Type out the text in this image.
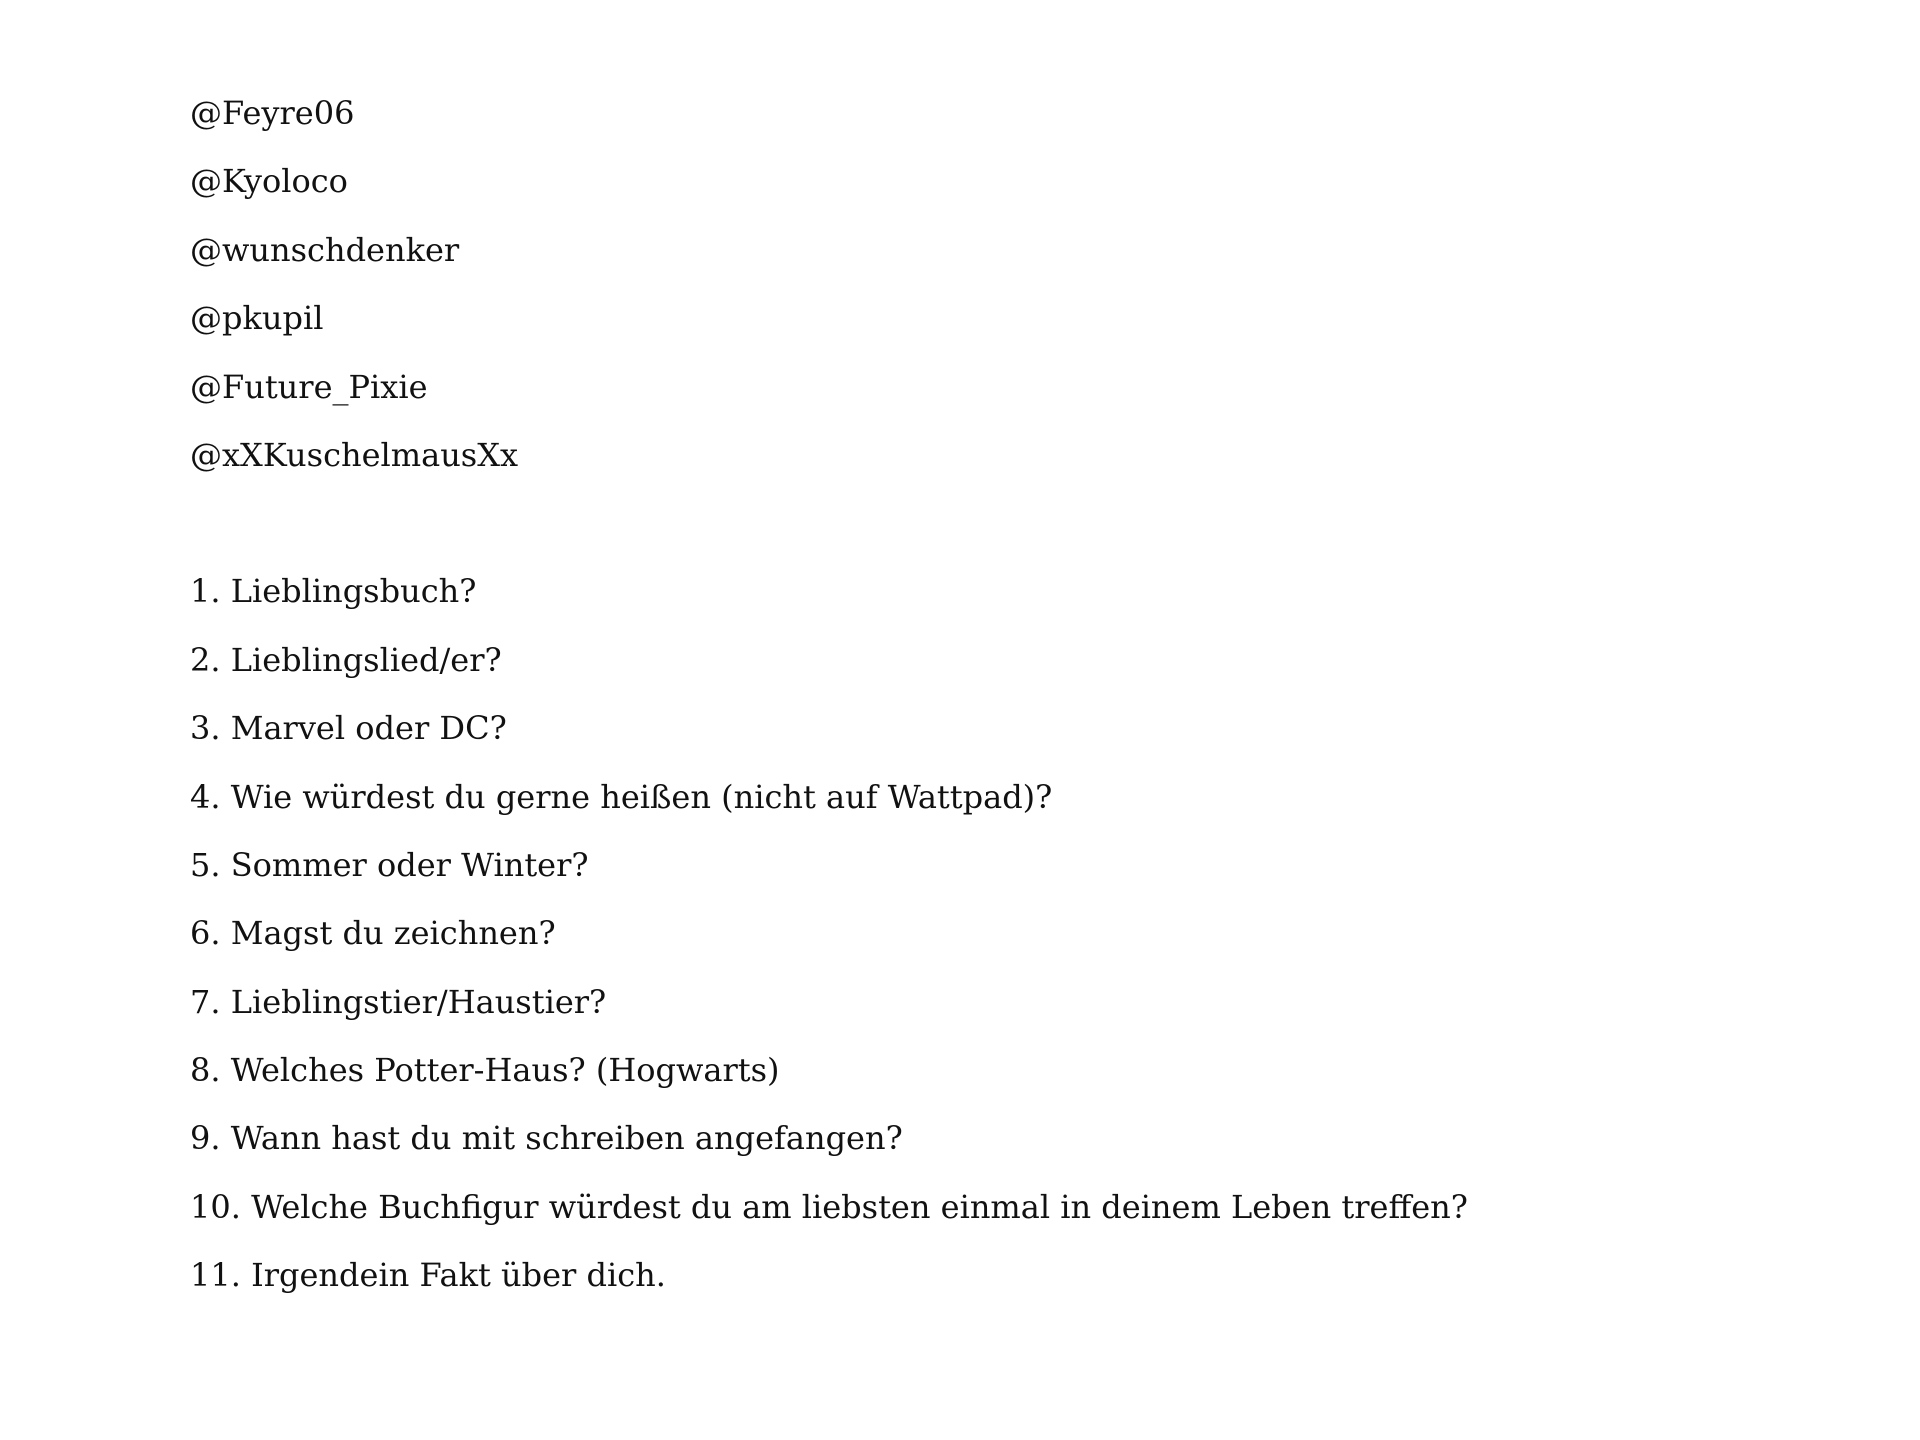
@Feyre06
@Kyoloco
@wunschdenker
@pkupil
@Future_Pixie
@xXKuschelmausXx
1. Lieblingsbuch?
2. Lieblingslied/er?
3. Marvel oder DC?
4. Wie würdest du gerne heißen (nicht auf Wattpad)?
5. Sommer oder Winter?
6. Magst du zeichnen?
7. Lieblingstier/Haustier?
8. Welches Potter-Haus? (Hogwarts)
9. Wann hast du mit schreiben angefangen?
10. Welche Buchfigur würdest du am liebsten einmal in deinem Leben treffen?
11. Irgendein Fakt über dich.
